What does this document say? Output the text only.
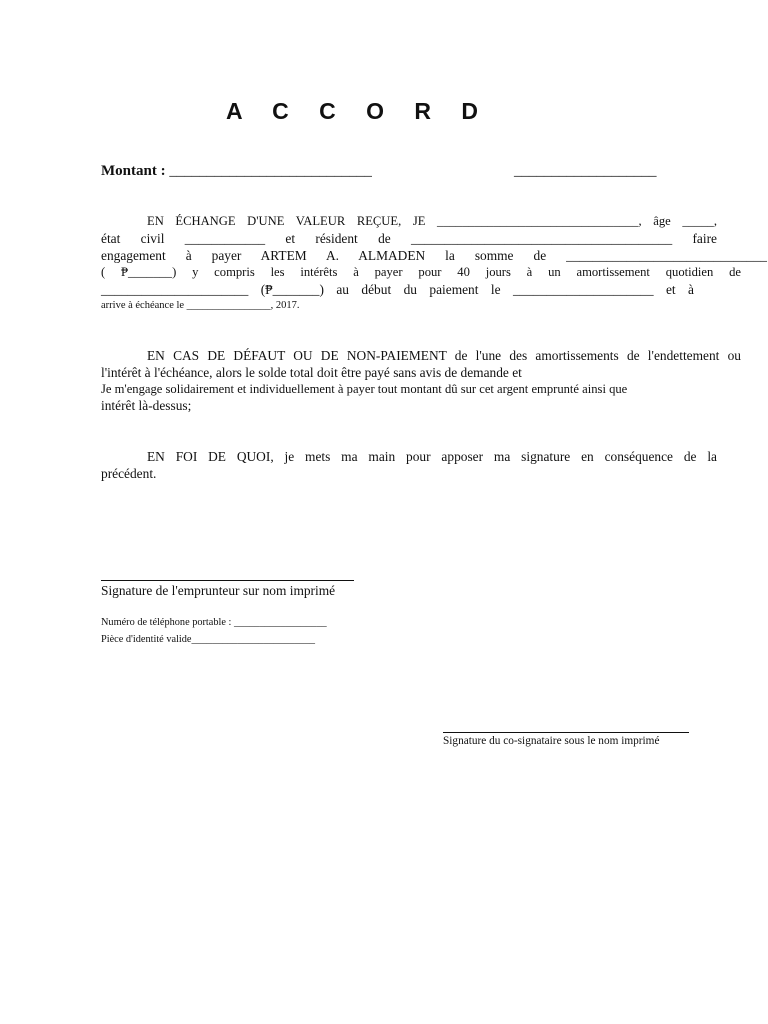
A C C O R D
Montant : ___________________________	___________________
EN ÉCHANGE D'UNE VALEUR REÇUE, JE ________________________________, âge _____,
état civil ____________ et résident de _______________________________________ faire
engagement à payer ARTEM A. ALMADEN la somme de ______________________________
( ₱_______) y compris les intérêts à payer pour 40 jours à un amortissement quotidien de
______________________ (₱_______) au début du paiement le _____________________ et à
arrive à échéance le ________________, 2017.
EN CAS DE DÉFAUT OU DE NON-PAIEMENT de l'une des amortissements de l'endettement ou
l'intérêt à l'échéance, alors le solde total doit être payé sans avis de demande et
Je m'engage solidairement et individuellement à payer tout montant dû sur cet argent emprunté ainsi que
intérêt là-dessus;
EN FOI DE QUOI, je mets ma main pour apposer ma signature en conséquence de la
précédent.
Signature de l'emprunteur sur nom imprimé
Numéro de téléphone portable : __________________
Pièce d'identité valide________________________
Signature du co-signataire sous le nom imprimé
